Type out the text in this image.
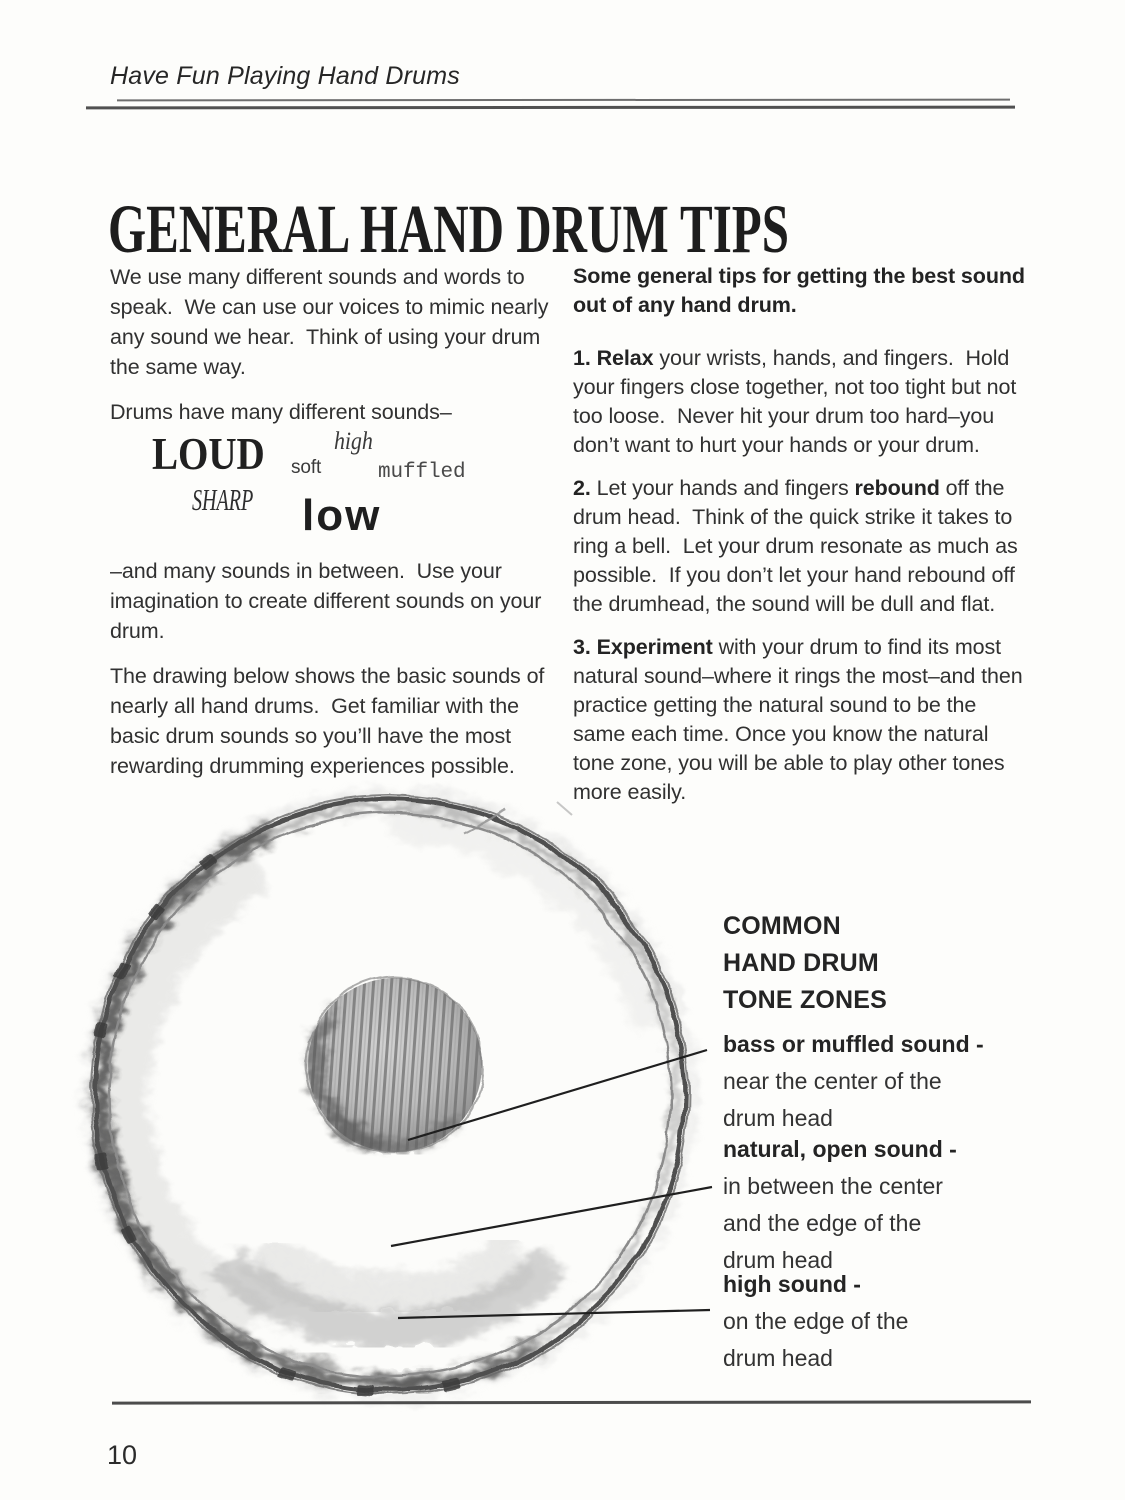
Have Fun Playing Hand Drums
GENERAL HAND DRUM TIPS

We use many different sounds and words to speak.  We can use our voices to mimic nearly any sound we hear.  Think of using your drum the same way.

Drums have many different sounds–

LOUD soft
high
muffled
SHARP low

–and many sounds in between.  Use your imagination to create different sounds on your drum.

The drawing below shows the basic sounds of nearly all hand drums.  Get familiar with the basic drum sounds so you’ll have the most rewarding drumming experiences possible.

Some general tips for getting the best sound out of any hand drum.

1. Relax your wrists, hands, and fingers.  Hold your fingers close together, not too tight but not too loose.  Never hit your drum too hard–you don’t want to hurt your hands or your drum.

2. Let your hands and fingers rebound off the drum head.  Think of the quick strike it takes to ring a bell.  Let your drum resonate as much as possible.  If you don’t let your hand rebound off the drumhead, the sound will be dull and flat.

3. Experiment with your drum to find its most natural sound–where it rings the most–and then practice getting the natural sound to be the same each time. Once you know the natural tone zone, you will be able to play other tones more easily.

COMMON
HAND DRUM
TONE ZONES
bass or muffled sound -
near the center of the drum head
natural, open sound -
in between the center and the edge of the drum head
high sound -
on the edge of the drum head
10
